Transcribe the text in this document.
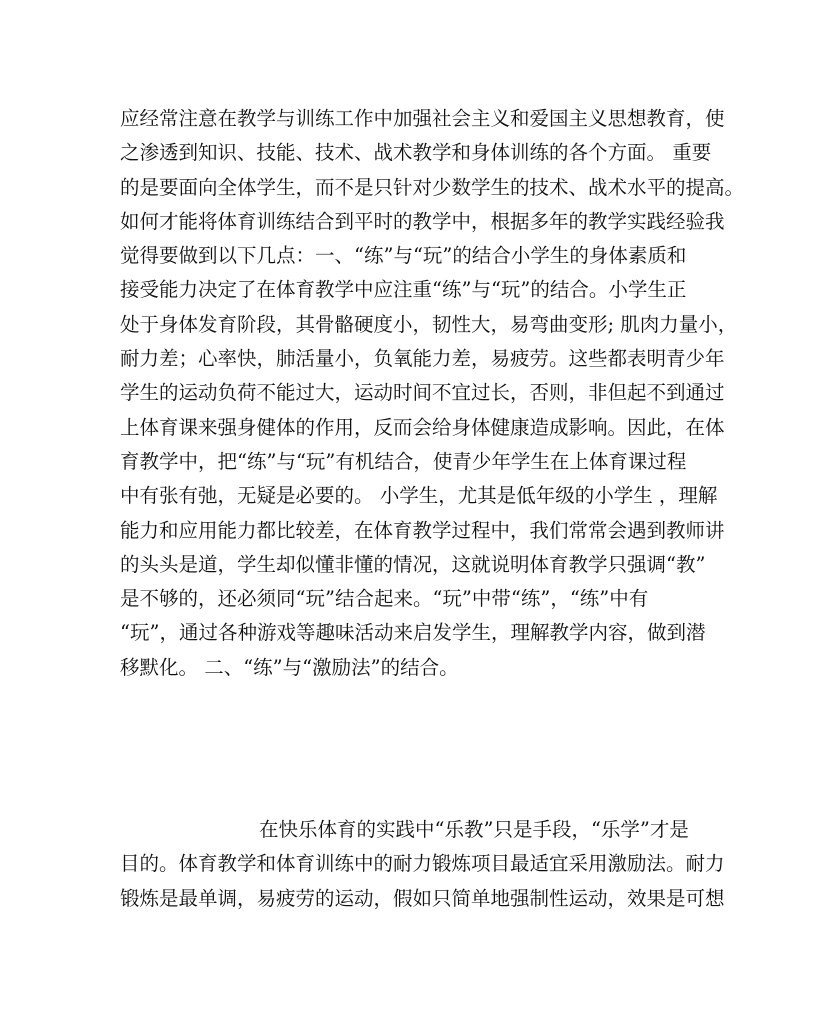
应经常注意在教学与训练工作中加强社会主义和爱国主义思想教育，使
之渗透到知识、技能、技术、战术教学和身体训练的各个方面。 重要
的是要面向全体学生，而不是只针对少数学生的技术、战术水平的提高。
如何才能将体育训练结合到平时的教学中，根据多年的教学实践经验我
觉得要做到以下几点：一、“练”与“玩”的结合小学生的身体素质和
接受能力决定了在体育教学中应注重“练”与“玩”的结合。小学生正
处于身体发育阶段，其骨骼硬度小，韧性大，易弯曲变形; 肌肉力量小，
耐力差；心率快，肺活量小，负氧能力差，易疲劳。这些都表明青少年
学生的运动负荷不能过大，运动时间不宜过长，否则，非但起不到通过
上体育课来强身健体的作用，反而会给身体健康造成影响。因此，在体
育教学中，把“练”与“玩”有机结合，使青少年学生在上体育课过程
中有张有弛，无疑是必要的。 小学生，尤其是低年级的小学生 ，理解
能力和应用能力都比较差，在体育教学过程中，我们常常会遇到教师讲
的头头是道，学生却似懂非懂的情况，这就说明体育教学只强调“教”
是不够的，还必须同“玩”结合起来。“玩”中带“练”，“练”中有
“玩”，通过各种游戏等趣味活动来启发学生，理解教学内容，做到潜
移默化。 二、“练”与“激励法”的结合。
在快乐体育的实践中“乐教”只是手段，“乐学”才是
目的。体育教学和体育训练中的耐力锻炼项目最适宜采用激励法。耐力
锻炼是最单调，易疲劳的运动，假如只简单地强制性运动，效果是可想
